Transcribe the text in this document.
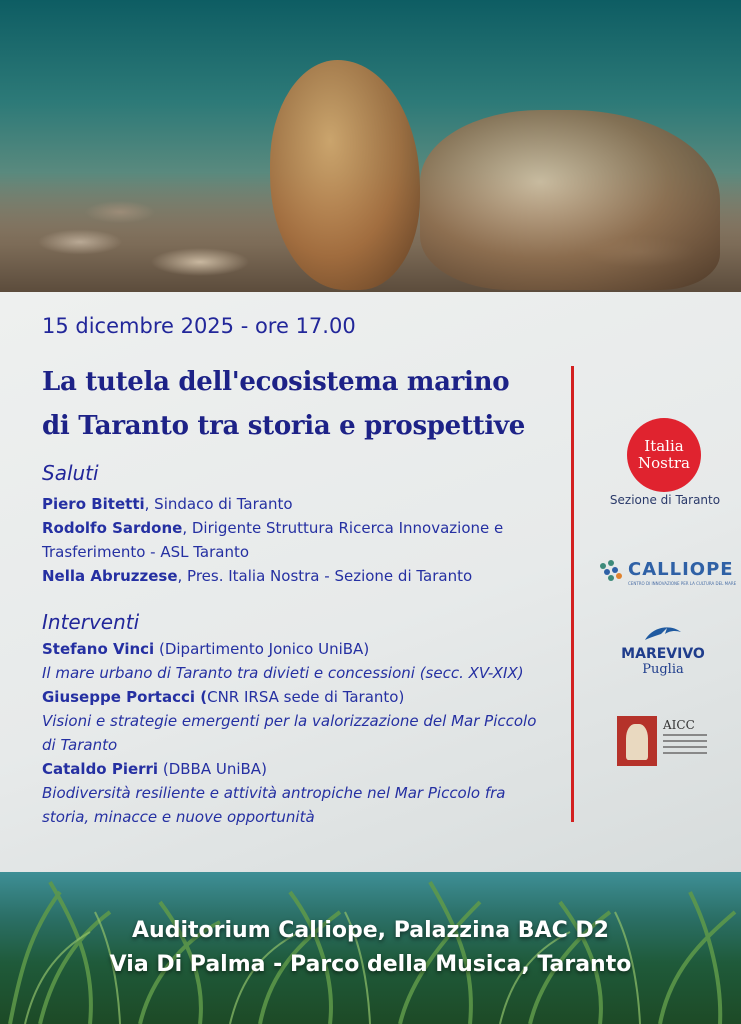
15 dicembre 2025 - ore 17.00
La tutela dell'ecosistema marino
di Taranto tra storia e prospettive
Saluti
Piero Bitetti, Sindaco di Taranto
Rodolfo Sardone, Dirigente Struttura Ricerca Innovazione e
Trasferimento - ASL Taranto
Nella Abruzzese, Pres. Italia Nostra - Sezione di Taranto
Interventi
Stefano Vinci (Dipartimento Jonico UniBA)
Il mare urbano di Taranto tra divieti e concessioni (secc. XV-XIX)
Giuseppe Portacci (CNR IRSA sede di Taranto)
Visioni e strategie emergenti per la valorizzazione del Mar Piccolo
di Taranto
Cataldo Pierri (DBBA UniBA)
Biodiversità resiliente e attività antropiche nel Mar Piccolo fra
storia, minacce e nuove opportunità
Italia
Nostra
Sezione di Taranto
CALLIOPE
CENTRO DI INNOVAZIONE PER LA CULTURA DEL MARE
MAREVIVO
Puglia
AICC
Auditorium Calliope, Palazzina BAC D2
Via Di Palma - Parco della Musica, Taranto
